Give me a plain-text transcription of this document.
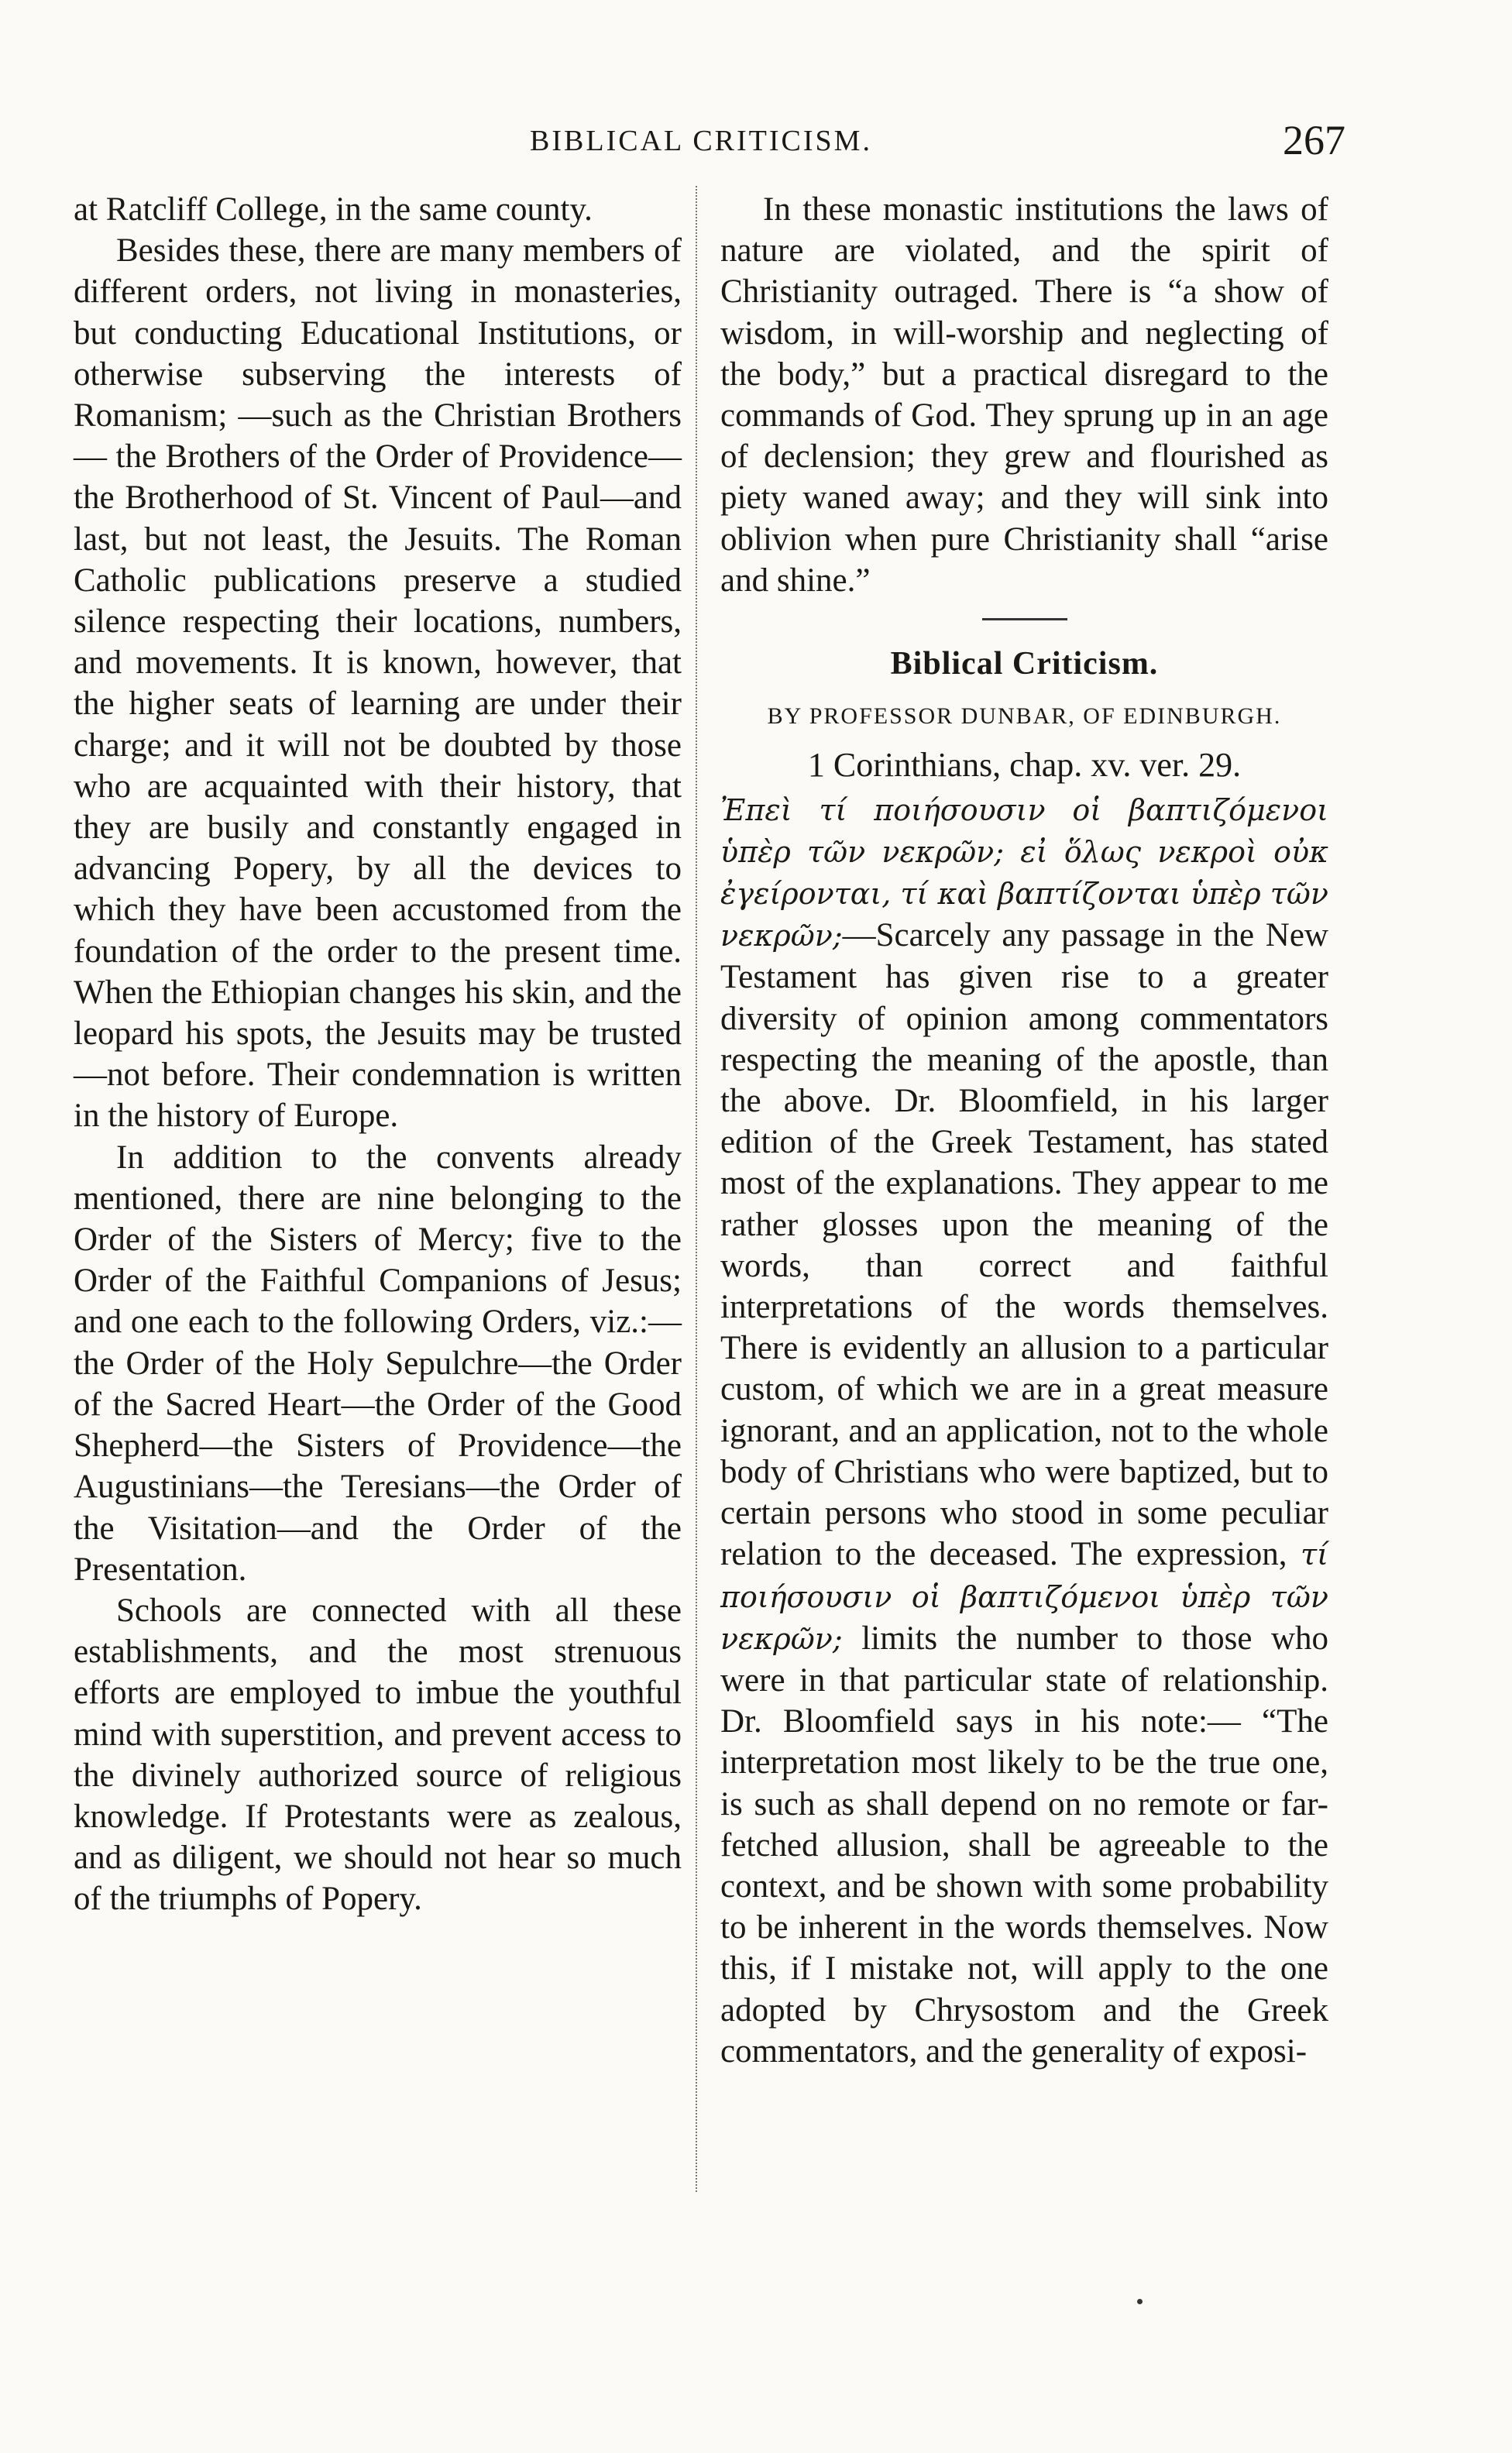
BIBLICAL CRITICISM.	267

at Ratcliff College, in the same county.

Besides these, there are many members of different orders, not living in monasteries, but conducting Educational Institutions, or otherwise subserving the interests of Romanism; —such as the Christian Brothers— the Brothers of the Order of Providence—the Brotherhood of St. Vincent of Paul—and last, but not least, the Jesuits. The Roman Catholic publications preserve a studied silence respecting their locations, numbers, and movements. It is known, however, that the higher seats of learning are under their charge; and it will not be doubted by those who are acquainted with their history, that they are busily and constantly engaged in advancing Popery, by all the devices to which they have been accustomed from the foundation of the order to the present time. When the Ethiopian changes his skin, and the leopard his spots, the Jesuits may be trusted—not before. Their condemnation is written in the history of Europe.

In addition to the convents already mentioned, there are nine belonging to the Order of the Sisters of Mercy; five to the Order of the Faithful Companions of Jesus; and one each to the following Orders, viz.:—the Order of the Holy Sepulchre—the Order of the Sacred Heart—the Order of the Good Shepherd—the Sisters of Providence—the Augustinians—the Teresians—the Order of the Visitation—and the Order of the Presentation.

Schools are connected with all these establishments, and the most strenuous efforts are employed to imbue the youthful mind with superstition, and prevent access to the divinely authorized source of religious knowledge. If Protestants were as zealous, and as diligent, we should not hear so much of the triumphs of Popery.

In these monastic institutions the laws of nature are violated, and the spirit of Christianity outraged. There is “a show of wisdom, in will-worship and neglecting of the body,” but a practical disregard to the commands of God. They sprung up in an age of declension; they grew and flourished as piety waned away; and they will sink into oblivion when pure Christianity shall “arise and shine.”

Biblical Criticism.
BY PROFESSOR DUNBAR, OF EDINBURGH.
1 Corinthians, chap. xv. ver. 29.

Ἐπεὶ τί ποιήσουσιν οἱ βαπτιζόμενοι ὑπὲρ τῶν νεκρῶν; εἰ ὅλως νεκροὶ οὐκ ἐγείρονται, τί καὶ βαπτίζονται ὑπὲρ τῶν νεκρῶν;—Scarcely any passage in the New Testament has given rise to a greater diversity of opinion among commentators respecting the meaning of the apostle, than the above. Dr. Bloomfield, in his larger edition of the Greek Testament, has stated most of the explanations. They appear to me rather glosses upon the meaning of the words, than correct and faithful interpretations of the words themselves. There is evidently an allusion to a particular custom, of which we are in a great measure ignorant, and an application, not to the whole body of Christians who were baptized, but to certain persons who stood in some peculiar relation to the deceased. The expression, τί ποιήσουσιν οἱ βαπτιζόμενοι ὑπὲρ τῶν νεκρῶν; limits the number to those who were in that particular state of relationship. Dr. Bloomfield says in his note:— “The interpretation most likely to be the true one, is such as shall depend on no remote or far-fetched allusion, shall be agreeable to the context, and be shown with some probability to be inherent in the words themselves. Now this, if I mistake not, will apply to the one adopted by Chrysostom and the Greek commentators, and the generality of exposi-
